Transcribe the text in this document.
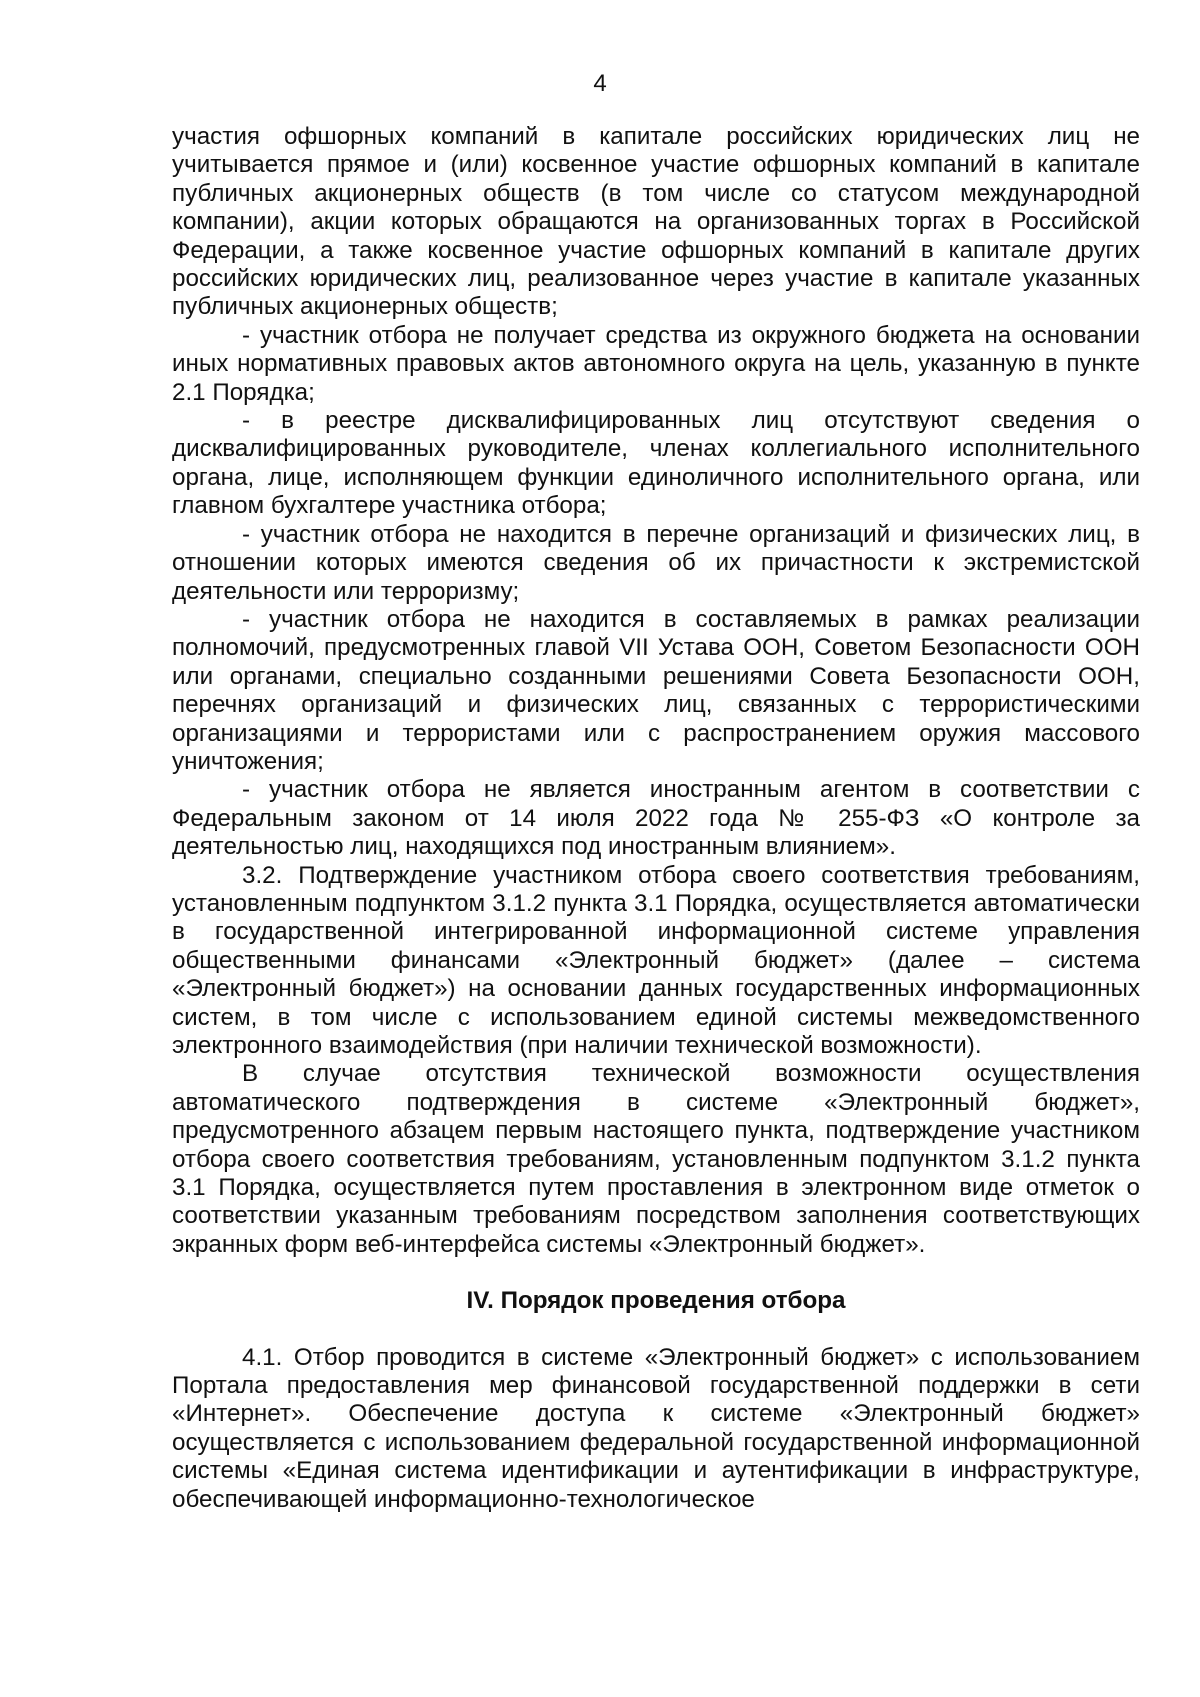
4

участия офшорных компаний в капитале российских юридических лиц не учитывается прямое и (или) косвенное участие офшорных компаний в капитале публичных акционерных обществ (в том числе со статусом международной компании), акции которых обращаются на организованных торгах в Российской Федерации, а также косвенное участие офшорных компаний в капитале других российских юридических лиц, реализованное через участие в капитале указанных публичных акционерных обществ;

- участник отбора не получает средства из окружного бюджета на основании иных нормативных правовых актов автономного округа на цель, указанную в пункте 2.1 Порядка;

- в реестре дисквалифицированных лиц отсутствуют сведения о дисквалифицированных руководителе, членах коллегиального исполнительного органа, лице, исполняющем функции единоличного исполнительного органа, или главном бухгалтере участника отбора;

- участник отбора не находится в перечне организаций и физических лиц, в отношении которых имеются сведения об их причастности к экстремистской деятельности или терроризму;

- участник отбора не находится в составляемых в рамках реализации полномочий, предусмотренных главой VII Устава ООН, Советом Безопасности ООН или органами, специально созданными решениями Совета Безопасности ООН, перечнях организаций и физических лиц, связанных с террористическими организациями и террористами или с распространением оружия массового уничтожения;

- участник отбора не является иностранным агентом в соответствии с Федеральным законом от 14 июля 2022 года № 255-ФЗ «О контроле за деятельностью лиц, находящихся под иностранным влиянием».

3.2. Подтверждение участником отбора своего соответствия требованиям, установленным подпунктом 3.1.2 пункта 3.1 Порядка, осуществляется автоматически в государственной интегрированной информационной системе управления общественными финансами «Электронный бюджет» (далее – система «Электронный бюджет») на основании данных государственных информационных систем, в том числе с использованием единой системы межведомственного электронного взаимодействия (при наличии технической возможности).

В случае отсутствия технической возможности осуществления автоматического подтверждения в системе «Электронный бюджет», предусмотренного абзацем первым настоящего пункта, подтверждение участником отбора своего соответствия требованиям, установленным подпунктом 3.1.2 пункта 3.1 Порядка, осуществляется путем проставления в электронном виде отметок о соответствии указанным требованиям посредством заполнения соответствующих экранных форм веб-интерфейса системы «Электронный бюджет».

IV. Порядок проведения отбора

4.1. Отбор проводится в системе «Электронный бюджет» с использованием Портала предоставления мер финансовой государственной поддержки в сети «Интернет». Обеспечение доступа к системе «Электронный бюджет» осуществляется с использованием федеральной государственной информационной системы «Единая система идентификации и аутентификации в инфраструктуре, обеспечивающей информационно-технологическое
